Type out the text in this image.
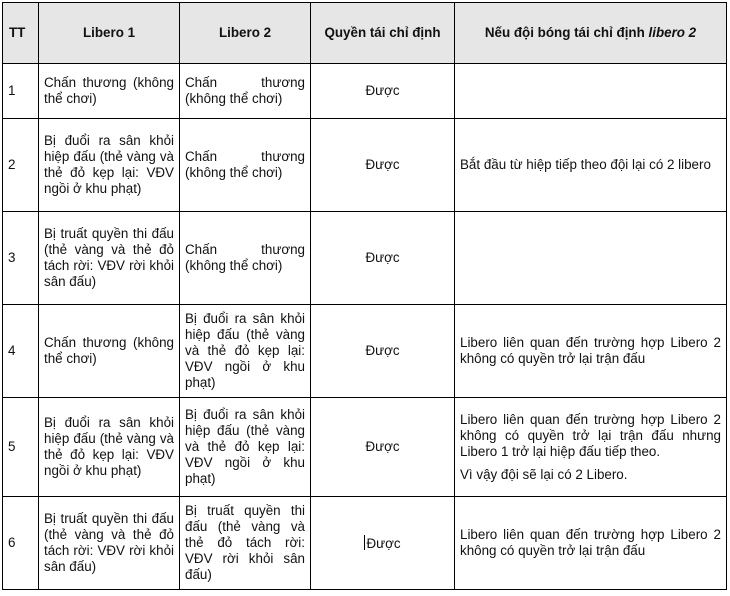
TT	Libero 1	Libero 2	Quyền tái chỉ định	Nếu đội bóng tái chỉ định libero 2
1	Chấn thương (không thể chơi)	Chấn thương (không thể chơi)	Được	

2	Bị đuổi ra sân khỏi hiệp đấu (thẻ vàng và thẻ đỏ kẹp lại: VĐV ngồi ở khu phạt)	Chấn thương (không thể chơi)	Được	Bắt đầu từ hiệp tiếp theo đội lại có 2 libero

3	Bị truất quyền thi đấu (thẻ vàng và thẻ đỏ tách rời: VĐV rời khỏi sân đấu)	Chấn thương (không thể chơi)	Được	

4	Chấn thương (không thể chơi)	Bị đuổi ra sân khỏi hiệp đấu (thẻ vàng và thẻ đỏ kẹp lại: VĐV ngồi ở khu phạt)	Được	Libero liên quan đến trường hợp Libero 2 không có quyền trở lại trận đấu

5	Bị đuổi ra sân khỏi hiệp đấu (thẻ vàng và thẻ đỏ kẹp lại: VĐV ngồi ở khu phạt)	Bị đuổi ra sân khỏi hiệp đấu (thẻ vàng và thẻ đỏ kẹp lại: VĐV ngồi ở khu phạt)	Được	Libero liên quan đến trường hợp Libero 2 không có quyền trở lại trận đấu nhưng Libero 1 trở lại hiệp đấu tiếp theo.

Vì vậy đội sẽ lại có 2 Libero.

6	Bị truất quyền thi đấu (thẻ vàng và thẻ đỏ tách rời: VĐV rời khỏi sân đấu)	Bị truất quyền thi đấu (thẻ vàng và thẻ đỏ tách rời: VĐV rời khỏi sân đấu)	Được	Libero liên quan đến trường hợp Libero 2 không có quyền trở lại trận đấu
